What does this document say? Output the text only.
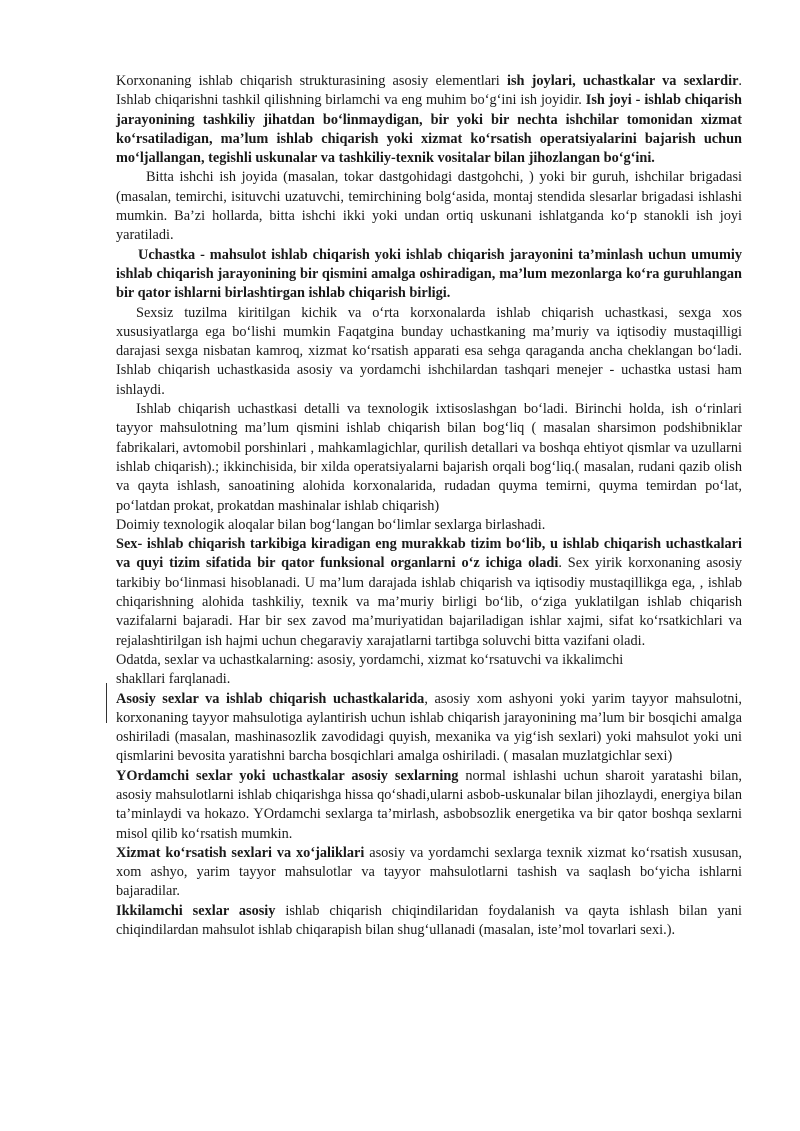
Korxonaning ishlab chiqarish strukturasining asosiy elementlari ish joylari, uchastkalar va sexlardir. Ishlab chiqarishni tashkil qilishning birlamchi va eng muhim bo‘g‘ini ish joyidir. Ish joyi - ishlab chiqarish jarayonining tashkiliy jihatdan bo‘linmaydigan, bir yoki bir nechta ishchilar tomonidan xizmat ko‘rsatiladigan, ma’lum ishlab chiqarish yoki xizmat ko‘rsatish operatsiyalarini bajarish uchun mo‘ljallangan, tegishli uskunalar va tashkiliy-texnik vositalar bilan jihozlangan bo‘g‘ini.

Bitta ishchi ish joyida (masalan, tokar dastgohidagi dastgohchi, ) yoki bir guruh, ishchilar brigadasi (masalan, temirchi, isituvchi uzatuvchi, temirchining bolg‘asida, montaj stendida slesarlar brigadasi ishlashi mumkin. Ba’zi hollarda, bitta ishchi ikki yoki undan ortiq uskunani ishlatganda ko‘p stanokli ish joyi yaratiladi.

Uchastka - mahsulot ishlab chiqarish yoki ishlab chiqarish jarayonini ta’minlash uchun umumiy ishlab chiqarish jarayonining bir qismini amalga oshiradigan, ma’lum mezonlarga ko‘ra guruhlangan bir qator ishlarni birlashtirgan ishlab chiqarish birligi.

Sexsiz tuzilma kiritilgan kichik va o‘rta korxonalarda ishlab chiqarish uchastkasi, sexga xos xususiyatlarga ega bo‘lishi mumkin Faqatgina bunday uchastkaning ma’muriy va iqtisodiy mustaqilligi darajasi sexga nisbatan kamroq, xizmat ko‘rsatish apparati esa sehga qaraganda ancha cheklangan bo‘ladi. Ishlab chiqarish uchastkasida asosiy va yordamchi ishchilardan tashqari menejer - uchastka ustasi ham ishlaydi.

Ishlab chiqarish uchastkasi detalli va texnologik ixtisoslashgan bo‘ladi. Birinchi holda, ish o‘rinlari tayyor mahsulotning ma’lum qismini ishlab chiqarish bilan bog‘liq ( masalan sharsimon podshibniklar fabrikalari, avtomobil porshinlari , mahkamlagichlar, qurilish detallari va boshqa ehtiyot qismlar va uzullarni ishlab chiqarish).; ikkinchisida, bir xilda operatsiyalarni bajarish orqali bog‘liq.( masalan, rudani qazib olish va qayta ishlash, sanoatining alohida korxonalarida, rudadan quyma temirni, quyma temirdan po‘lat, po‘latdan prokat, prokatdan mashinalar ishlab chiqarish)

Doimiy texnologik aloqalar bilan bog‘langan bo‘limlar sexlarga birlashadi.

Sex- ishlab chiqarish tarkibiga kiradigan eng murakkab tizim bo‘lib, u ishlab chiqarish uchastkalari va quyi tizim sifatida bir qator funksional organlarni o‘z ichiga oladi. Sex yirik korxonaning asosiy tarkibiy bo‘linmasi hisoblanadi. U ma’lum darajada ishlab chiqarish va iqtisodiy mustaqillikga ega, , ishlab chiqarishning alohida tashkiliy, texnik va ma’muriy birligi bo‘lib, o‘ziga yuklatilgan ishlab chiqarish vazifalarni bajaradi. Har bir sex zavod ma’muriyatidan bajariladigan ishlar xajmi, sifat ko‘rsatkichlari va rejalashtirilgan ish hajmi uchun chegaraviy xarajatlarni tartibga soluvchi bitta vazifani oladi.

Odatda, sexlar va uchastkalarning: asosiy, yordamchi, xizmat ko‘rsatuvchi va ikkalimchi
shakllari farqlanadi.

Asosiy sexlar va ishlab chiqarish uchastkalarida, asosiy xom ashyoni yoki yarim tayyor mahsulotni, korxonaning tayyor mahsulotiga aylantirish uchun ishlab chiqarish jarayonining ma’lum bir bosqichi amalga oshiriladi (masalan, mashinasozlik zavodidagi quyish, mexanika va yig‘ish sexlari) yoki mahsulot yoki uni qismlarini bevosita yaratishni barcha bosqichlari amalga oshiriladi. ( masalan muzlatgichlar sexi)

YOrdamchi sexlar yoki uchastkalar asosiy sexlarning normal ishlashi uchun sharoit yaratashi bilan, asosiy mahsulotlarni ishlab chiqarishga hissa qo‘shadi,ularni asbob-uskunalar bilan jihozlaydi, energiya bilan ta’minlaydi va hokazo. YOrdamchi sexlarga ta’mirlash, asbobsozlik energetika va bir qator boshqa sexlarni misol qilib ko‘rsatish mumkin.

Xizmat ko‘rsatish sexlari va xo‘jaliklari asosiy va yordamchi sexlarga texnik xizmat ko‘rsatish xususan, xom ashyo, yarim tayyor mahsulotlar va tayyor mahsulotlarni tashish va saqlash bo‘yicha ishlarni bajaradilar.

Ikkilamchi sexlar asosiy ishlab chiqarish chiqindilaridan foydalanish va qayta ishlash bilan yani chiqindilardan mahsulot ishlab chiqarарish bilan shug‘ullanadi (masalan, iste’mol tovarlari sexi.).
